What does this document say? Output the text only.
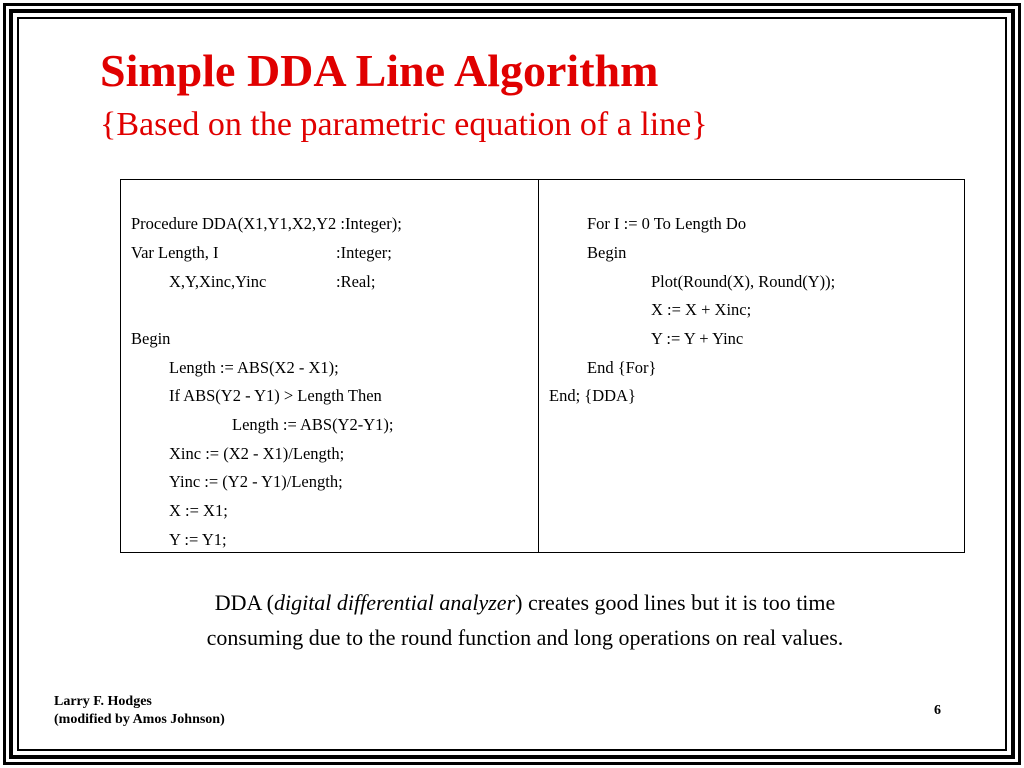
Simple DDA Line Algorithm
{Based on the parametric equation of a line}
Procedure DDA(X1,Y1,X2,Y2 :Integer);
Var Length, I	:Integer;
X,Y,Xinc,Yinc	:Real;
Begin
Length := ABS(X2 - X1);
If ABS(Y2 - Y1) > Length Then
Length := ABS(Y2-Y1);
Xinc := (X2 - X1)/Length;
Yinc := (Y2 - Y1)/Length;
X := X1;
Y := Y1;
For I := 0 To Length Do
Begin
Plot(Round(X), Round(Y));
X := X + Xinc;
Y := Y + Yinc
End {For}
End; {DDA}
DDA (digital differential analyzer) creates good lines but it is too time
consuming due to the round function and long operations on real values.
Larry F. Hodges
(modified by Amos Johnson)
6
